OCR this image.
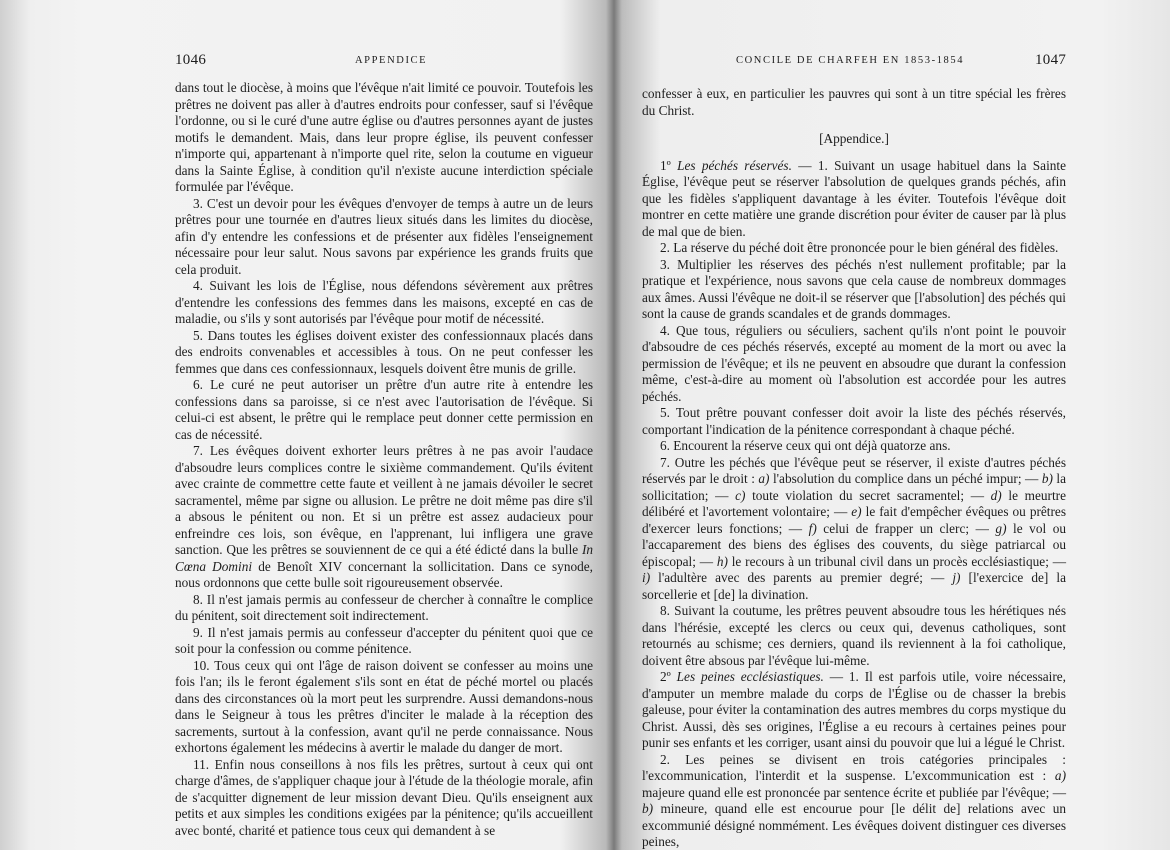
1046	APPENDICE

dans tout le diocèse, à moins que l'évêque n'ait limité ce pouvoir. Toutefois les prêtres ne doivent pas aller à d'autres endroits pour confesser, sauf si l'évêque l'ordonne, ou si le curé d'une autre église ou d'autres personnes ayant de justes motifs le demandent. Mais, dans leur propre église, ils peuvent confesser n'importe qui, appartenant à n'importe quel rite, selon la coutume en vigueur dans la Sainte Église, à condition qu'il n'existe aucune interdiction spéciale formulée par l'évêque.

3. C'est un devoir pour les évêques d'envoyer de temps à autre un de leurs prêtres pour une tournée en d'autres lieux situés dans les limites du diocèse, afin d'y entendre les confessions et de présenter aux fidèles l'enseignement nécessaire pour leur salut. Nous savons par expérience les grands fruits que cela produit.

4. Suivant les lois de l'Église, nous défendons sévèrement aux prêtres d'entendre les confessions des femmes dans les maisons, excepté en cas de maladie, ou s'ils y sont autorisés par l'évêque pour motif de nécessité.

5. Dans toutes les églises doivent exister des confessionnaux placés dans des endroits convenables et accessibles à tous. On ne peut confesser les femmes que dans ces confessionnaux, lesquels doivent être munis de grille.

6. Le curé ne peut autoriser un prêtre d'un autre rite à entendre les confessions dans sa paroisse, si ce n'est avec l'autorisation de l'évêque. Si celui-ci est absent, le prêtre qui le remplace peut donner cette permission en cas de nécessité.

7. Les évêques doivent exhorter leurs prêtres à ne pas avoir l'audace d'absoudre leurs complices contre le sixième commandement. Qu'ils évitent avec crainte de commettre cette faute et veillent à ne jamais dévoiler le secret sacramentel, même par signe ou allusion. Le prêtre ne doit même pas dire s'il a absous le pénitent ou non. Et si un prêtre est assez audacieux pour enfreindre ces lois, son évêque, en l'apprenant, lui infligera une grave sanction. Que les prêtres se souviennent de ce qui a été édicté dans la bulle In Cœna Domini de Benoît XIV concernant la sollicitation. Dans ce synode, nous ordonnons que cette bulle soit rigoureusement observée.

8. Il n'est jamais permis au confesseur de chercher à connaître le complice du pénitent, soit directement soit indirectement.

9. Il n'est jamais permis au confesseur d'accepter du pénitent quoi que ce soit pour la confession ou comme pénitence.

10. Tous ceux qui ont l'âge de raison doivent se confesser au moins une fois l'an; ils le feront également s'ils sont en état de péché mortel ou placés dans des circonstances où la mort peut les surprendre. Aussi demandons-nous dans le Seigneur à tous les prêtres d'inciter le malade à la réception des sacrements, surtout à la confession, avant qu'il ne perde connaissance. Nous exhortons également les médecins à avertir le malade du danger de mort.

11. Enfin nous conseillons à nos fils les prêtres, surtout à ceux qui ont charge d'âmes, de s'appliquer chaque jour à l'étude de la théologie morale, afin de s'acquitter dignement de leur mission devant Dieu. Qu'ils enseignent aux petits et aux simples les conditions exigées par la pénitence; qu'ils accueillent avec bonté, charité et patience tous ceux qui demandent à se

CONCILE DE CHARFEH EN 1853-1854	1047

confesser à eux, en particulier les pauvres qui sont à un titre spécial les frères du Christ.

[Appendice.]

1º Les péchés réservés. — 1. Suivant un usage habituel dans la Sainte Église, l'évêque peut se réserver l'absolution de quelques grands péchés, afin que les fidèles s'appliquent davantage à les éviter. Toutefois l'évêque doit montrer en cette matière une grande discrétion pour éviter de causer par là plus de mal que de bien.

2. La réserve du péché doit être prononcée pour le bien général des fidèles.

3. Multiplier les réserves des péchés n'est nullement profitable; par la pratique et l'expérience, nous savons que cela cause de nombreux dommages aux âmes. Aussi l'évêque ne doit-il se réserver que [l'absolution] des péchés qui sont la cause de grands scandales et de grands dommages.

4. Que tous, réguliers ou séculiers, sachent qu'ils n'ont point le pouvoir d'absoudre de ces péchés réservés, excepté au moment de la mort ou avec la permission de l'évêque; et ils ne peuvent en absoudre que durant la confession même, c'est-à-dire au moment où l'absolution est accordée pour les autres péchés.

5. Tout prêtre pouvant confesser doit avoir la liste des péchés réservés, comportant l'indication de la pénitence correspondant à chaque péché.

6. Encourent la réserve ceux qui ont déjà quatorze ans.

7. Outre les péchés que l'évêque peut se réserver, il existe d'autres péchés réservés par le droit : a) l'absolution du complice dans un péché impur; — b) la sollicitation; — c) toute violation du secret sacramentel; — d) le meurtre délibéré et l'avortement volontaire; — e) le fait d'empêcher évêques ou prêtres d'exercer leurs fonctions; — f) celui de frapper un clerc; — g) le vol ou l'accaparement des biens des églises des couvents, du siège patriarcal ou épiscopal; — h) le recours à un tribunal civil dans un procès ecclésiastique; — i) l'adultère avec des parents au premier degré; — j) [l'exercice de] la sorcellerie et [de] la divination.

8. Suivant la coutume, les prêtres peuvent absoudre tous les hérétiques nés dans l'hérésie, excepté les clercs ou ceux qui, devenus catholiques, sont retournés au schisme; ces derniers, quand ils reviennent à la foi catholique, doivent être absous par l'évêque lui-même.

2º Les peines ecclésiastiques. — 1. Il est parfois utile, voire nécessaire, d'amputer un membre malade du corps de l'Église ou de chasser la brebis galeuse, pour éviter la contamination des autres membres du corps mystique du Christ. Aussi, dès ses origines, l'Église a eu recours à certaines peines pour punir ses enfants et les corriger, usant ainsi du pouvoir que lui a légué le Christ.

2. Les peines se divisent en trois catégories principales : l'excommunication, l'interdit et la suspense. L'excommunication est : a) majeure quand elle est prononcée par sentence écrite et publiée par l'évêque; — b) mineure, quand elle est encourue pour [le délit de] relations avec un excommunié désigné nommément. Les évêques doivent distinguer ces diverses peines,
